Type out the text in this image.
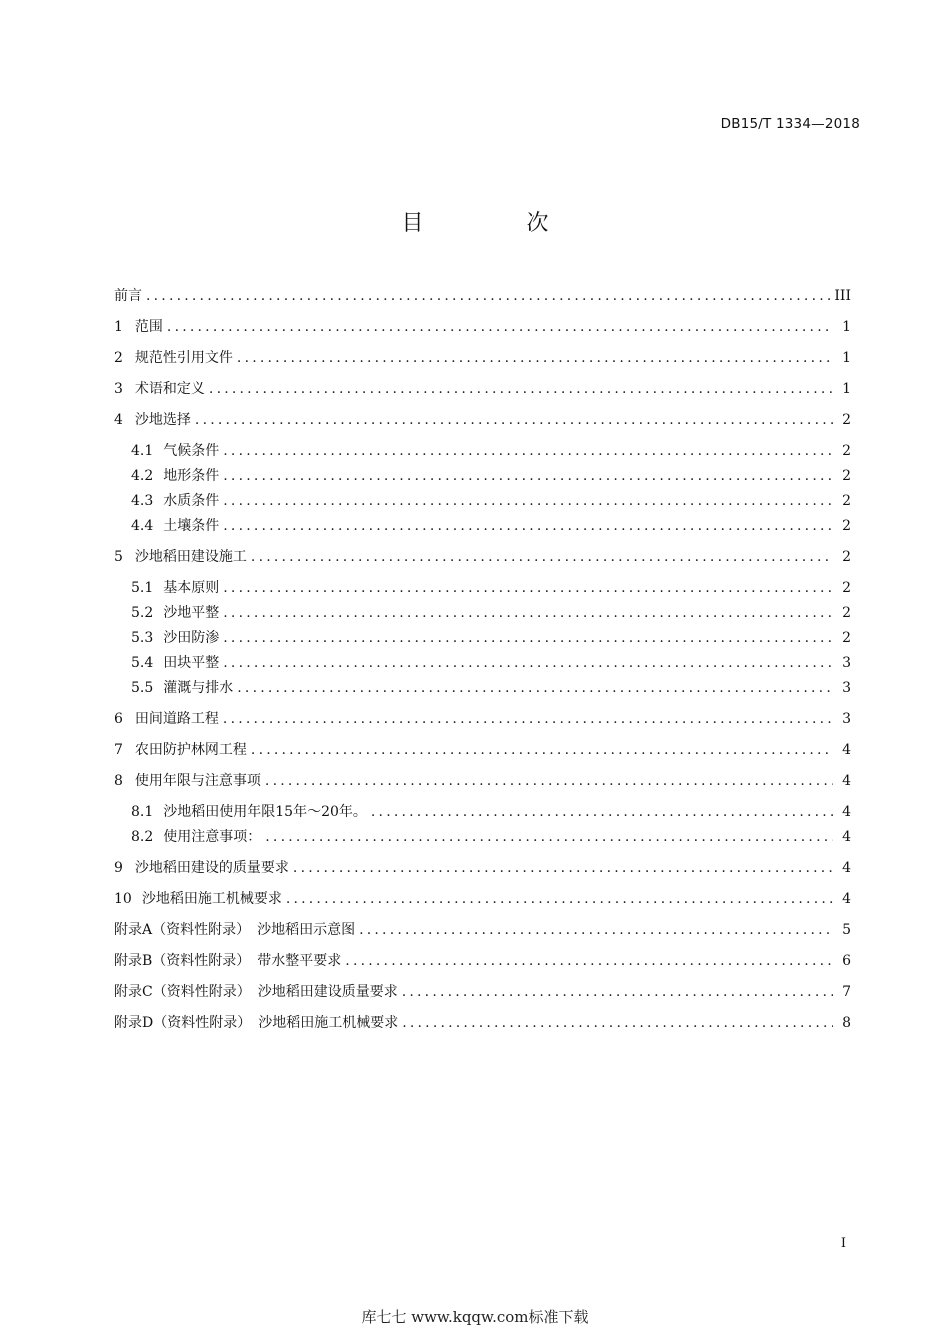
DB15/T 1334—2018
目 次
前言 .....	III
1 范围 .....	1
2 规范性引用文件 .....	1
3 术语和定义 .....	1
4 沙地选择 .....	2
4.1 气候条件 .....	2
4.2 地形条件 .....	2
4.3 水质条件 .....	2
4.4 土壤条件 .....	2
5 沙地稻田建设施工 .....	2
5.1 基本原则 .....	2
5.2 沙地平整 .....	2
5.3 沙田防渗 .....	2
5.4 田块平整 .....	3
5.5 灌溉与排水 .....	3
6 田间道路工程 .....	3
7 农田防护林网工程 .....	4
8 使用年限与注意事项 .....	4
8.1 沙地稻田使用年限15年～20年。 .....	4
8.2 使用注意事项： .....	4
9 沙地稻田建设的质量要求 .....	4
10 沙地稻田施工机械要求 .....	4
附录A（资料性附录）　沙地稻田示意图 .....	5
附录B（资料性附录）　带水整平要求 .....	6
附录C（资料性附录）　沙地稻田建设质量要求 .....	7
附录D（资料性附录）　沙地稻田施工机械要求 .....	8
I
库七七 www.kqqw.com标准下载
